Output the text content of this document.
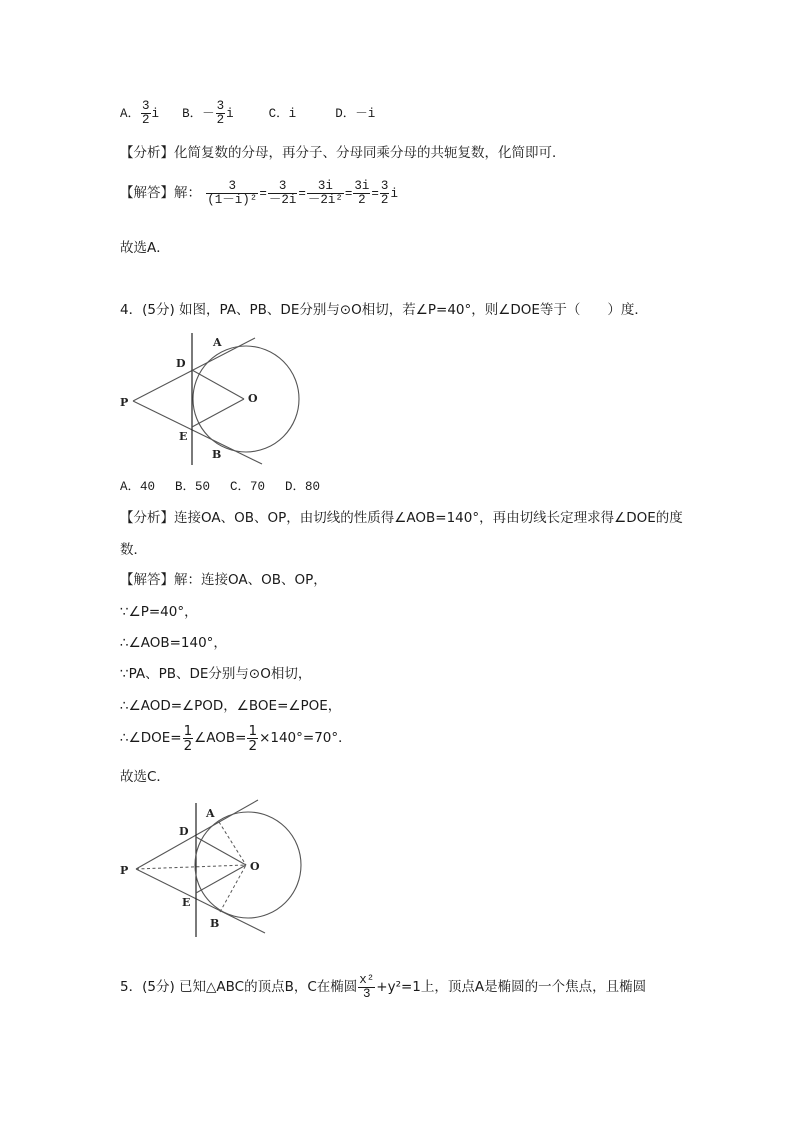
A． $\frac{3}{2}$ i B．－ $\frac{3}{2}$ i	C．i	D．－i
【分析】化简复数的分母，再分子、分母同乘分母的共轭复数，化简即可．
【解答】解： $\frac{3}{\text{(1－i)²}} = \frac{3}{-2i} = \frac{3i}{\text{－2i²}} = \frac{3i}{2} = \frac{3}{2}$ i
故选A．
4．(5分) 如图，PA、PB、DE分别与⊙O相切，若∠P=40°，则∠DOE等于（　　）度．
A
D
P	O
E
B
A．40　 B．50　 C．70　 D．80
【分析】连接OA、OB、OP，由切线的性质得∠AOB=140°，再由切线长定理求得∠DOE的度
数．
【解答】解：连接OA、OB、OP，
∵∠P=40°，
∴∠AOB=140°，
∵PA、PB、DE分别与⊙O相切，
∴∠AOD=∠POD，∠BOE=∠POE，
∴∠DOE= $\frac{1}{2}$ ∠AOB= $\frac{1}{2} \times 140^\circ=70^\circ$．
故选C．
A
D
P	O
E
B
5．(5分) 已知△ABC的顶点B，C在椭圆 $\frac{\text{x²}}{3} +y^2=1$上，顶点A是椭圆的一个焦点，且椭圆
